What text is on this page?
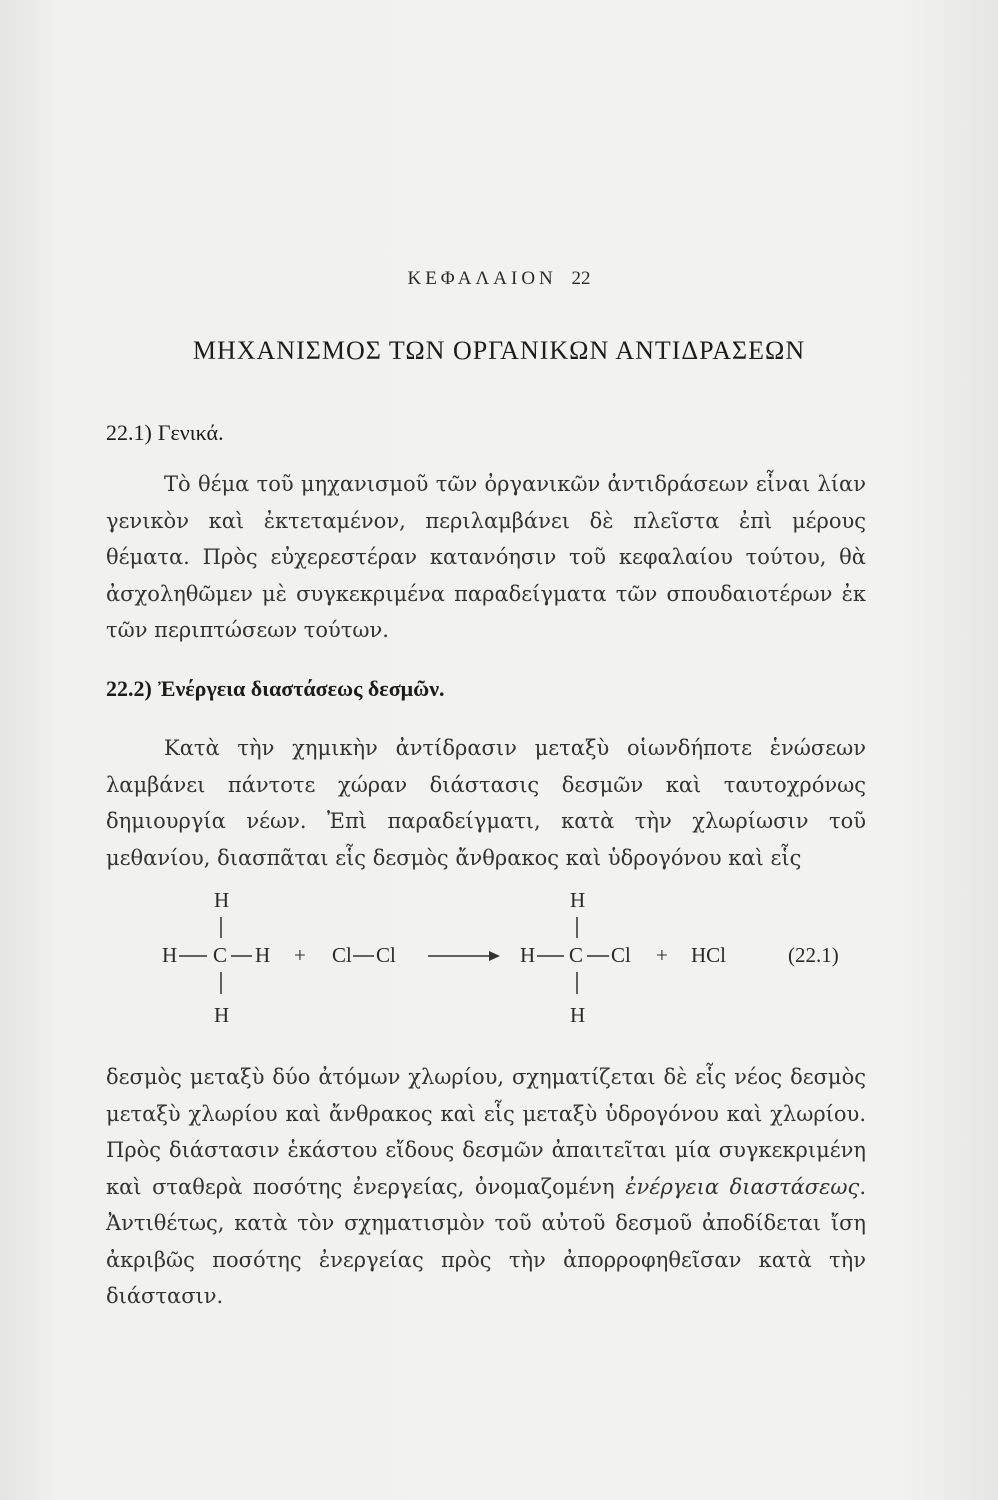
ΚΕΦΑΛΑΙΟΝ 22
ΜΗΧΑΝΙΣΜΟΣ ΤΩΝ ΟΡΓΑΝΙΚΩΝ ΑΝΤΙΔΡΑΣΕΩΝ
22.1) Γενικά.

Τὸ θέμα τοῦ μηχανισμοῦ τῶν ὀργανικῶν ἀντιδράσεων εἶναι λίαν γενικὸν καὶ ἐκτεταμένον, περιλαμβάνει δὲ πλεῖστα ἐπὶ μέρους θέματα. Πρὸς εὐχερεστέραν κατανόησιν τοῦ κεφαλαίου τούτου, θὰ ἀσχοληθῶμεν μὲ συγκεκριμένα παραδείγματα τῶν σπουδαιοτέρων ἐκ τῶν περιπτώσεων τούτων.

22.2) Ἐνέργεια διαστάσεως δεσμῶν.

Κατὰ τὴν χημικὴν ἀντίδρασιν μεταξὺ οἱωνδήποτε ἑνώσεων λαμβάνει πάντοτε χώραν διάστασις δεσμῶν καὶ ταυτοχρόνως δημιουργία νέων. Ἐπὶ παραδείγματι, κατὰ τὴν χλωρίωσιν τοῦ μεθανίου, διασπᾶται εἷς δεσμὸς ἄνθρακος καὶ ὑδρογόνου καὶ εἷς

H
H C H
H
+ Cl Cl
H
H C Cl
H
+ HCl	(22.1)

δεσμὸς μεταξὺ δύο ἀτόμων χλωρίου, σχηματίζεται δὲ εἷς νέος δεσμὸς μεταξὺ χλωρίου καὶ ἄνθρακος καὶ εἷς μεταξὺ ὑδρογόνου καὶ χλωρίου. Πρὸς διάστασιν ἑκάστου εἴδους δεσμῶν ἀπαιτεῖται μία συγκεκριμένη καὶ σταθερὰ ποσότης ἐνεργείας, ὀνομαζομένη ἐνέργεια διαστάσεως. Ἀντιθέτως, κατὰ τὸν σχηματισμὸν τοῦ αὐτοῦ δεσμοῦ ἀποδίδεται ἴση ἀκριβῶς ποσότης ἐνεργείας πρὸς τὴν ἀπορροφηθεῖσαν κατὰ τὴν διάστασιν.
